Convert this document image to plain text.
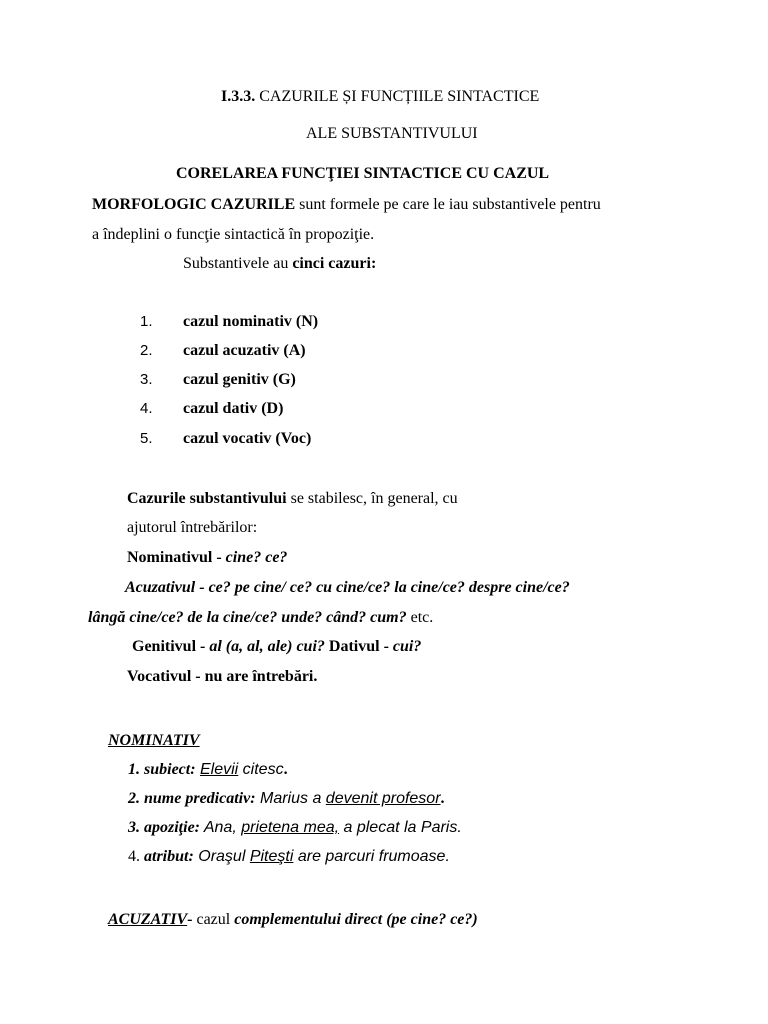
I.3.3. CAZURILE ȘI FUNCȚIILE SINTACTICE
ALE SUBSTANTIVULUI
CORELAREA FUNCŢIEI SINTACTICE CU CAZUL
MORFOLOGIC CAZURILE sunt formele pe care le iau substantivele pentru
a îndeplini o funcţie sintactică în propoziţie.
Substantivele au cinci cazuri:
1. cazul nominativ (N)
2. cazul acuzativ (A)
3. cazul genitiv (G)
4. cazul dativ (D)
5. cazul vocativ (Voc)
Cazurile substantivului se stabilesc, în general, cu
ajutorul întrebărilor:
Nominativul - cine? ce?
Acuzativul - ce? pe cine/ ce? cu cine/ce? la cine/ce? despre cine/ce?
lângă cine/ce? de la cine/ce? unde? când? cum? etc.
Genitivul - al (a, al, ale) cui? Dativul - cui?
Vocativul - nu are întrebări.
NOMINATIV
1. subiect: Elevii citesc.
2. nume predicativ: Marius a devenit profesor.
3. apoziţie: Ana, prietena mea, a plecat la Paris.
4. atribut: Oraşul Piteşti are parcuri frumoase.
ACUZATIV- cazul complementului direct (pe cine? ce?)
